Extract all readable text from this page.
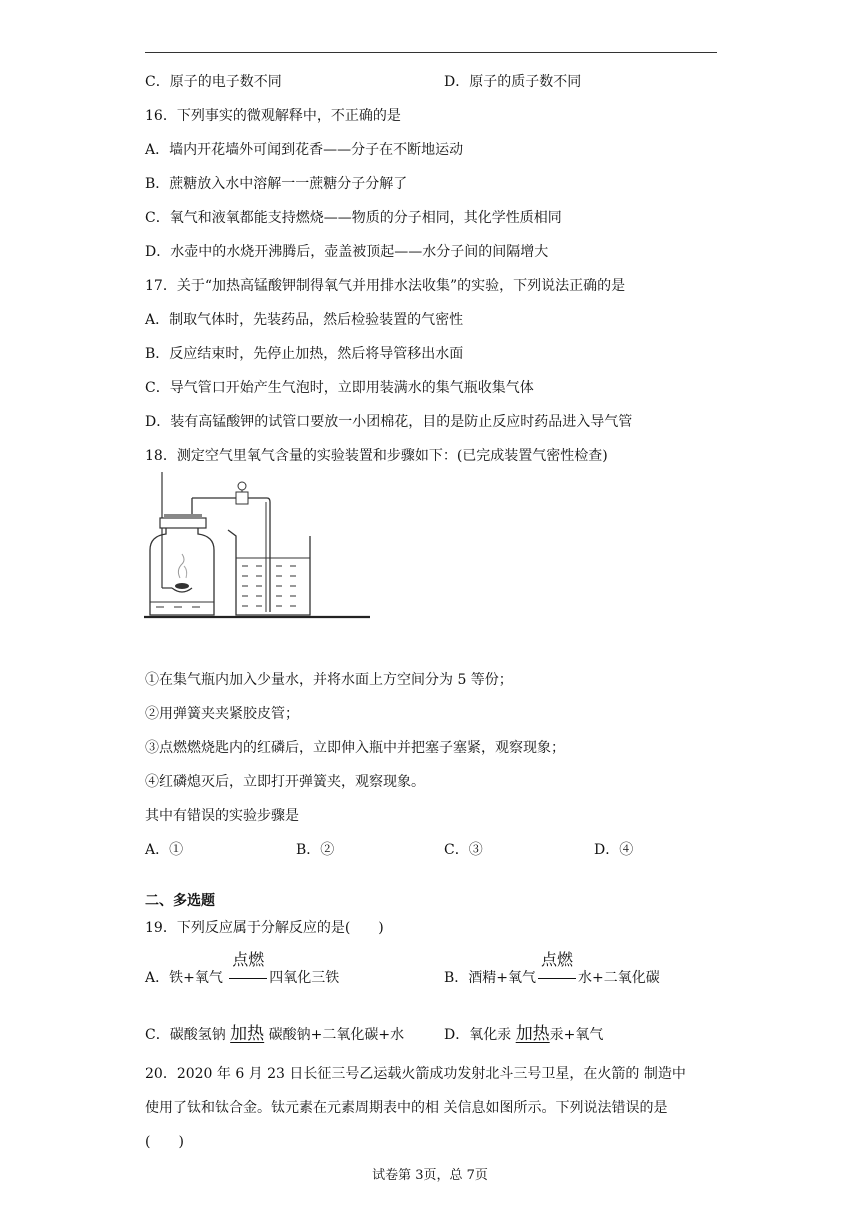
C．原子的电子数不同	D．原子的质子数不同
16．下列事实的微观解释中，不正确的是
A．墙内开花墙外可闻到花香——分子在不断地运动
B．蔗糖放入水中溶解一一蔗糖分子分解了
C．氧气和液氧都能支持燃烧——物质的分子相同，其化学性质相同
D．水壶中的水烧开沸腾后，壶盖被顶起——水分子间的间隔增大
17．关于“加热高锰酸钾制得氧气并用排水法收集”的实验，下列说法正确的是
A．制取气体时，先装药品，然后检验装置的气密性
B．反应结束时，先停止加热，然后将导管移出水面
C．导气管口开始产生气泡时，立即用装满水的集气瓶收集气体
D．装有高锰酸钾的试管口要放一小团棉花，目的是防止反应时药品进入导气管
18．测定空气里氧气含量的实验装置和步骤如下：(已完成装置气密性检查)
①在集气瓶内加入少量水，并将水面上方空间分为 5 等份；
②用弹簧夹夹紧胶皮管；
③点燃燃烧匙内的红磷后，立即伸入瓶中并把塞子塞紧，观察现象；
④红磷熄灭后，立即打开弹簧夹，观察现象。
其中有错误的实验步骤是
A．①	B．②	C．③	D．④
二、多选题
19．下列反应属于分解反应的是(　　)
A．铁+氧气
点燃
四氧化三铁	B．酒精+氧气
点燃
水+二氧化碳
C．碳酸氢钠 加热 碳酸钠+二氧化碳+水	D．氧化汞 加热汞+氧气
20．2020 年 6 月 23 日长征三号乙运载火箭成功发射北斗三号卫星，在火箭的 制造中
使用了钛和钛合金。钛元素在元素周期表中的相 关信息如图所示。下列说法错误的是
(　　)
试卷第 3页，总 7页
